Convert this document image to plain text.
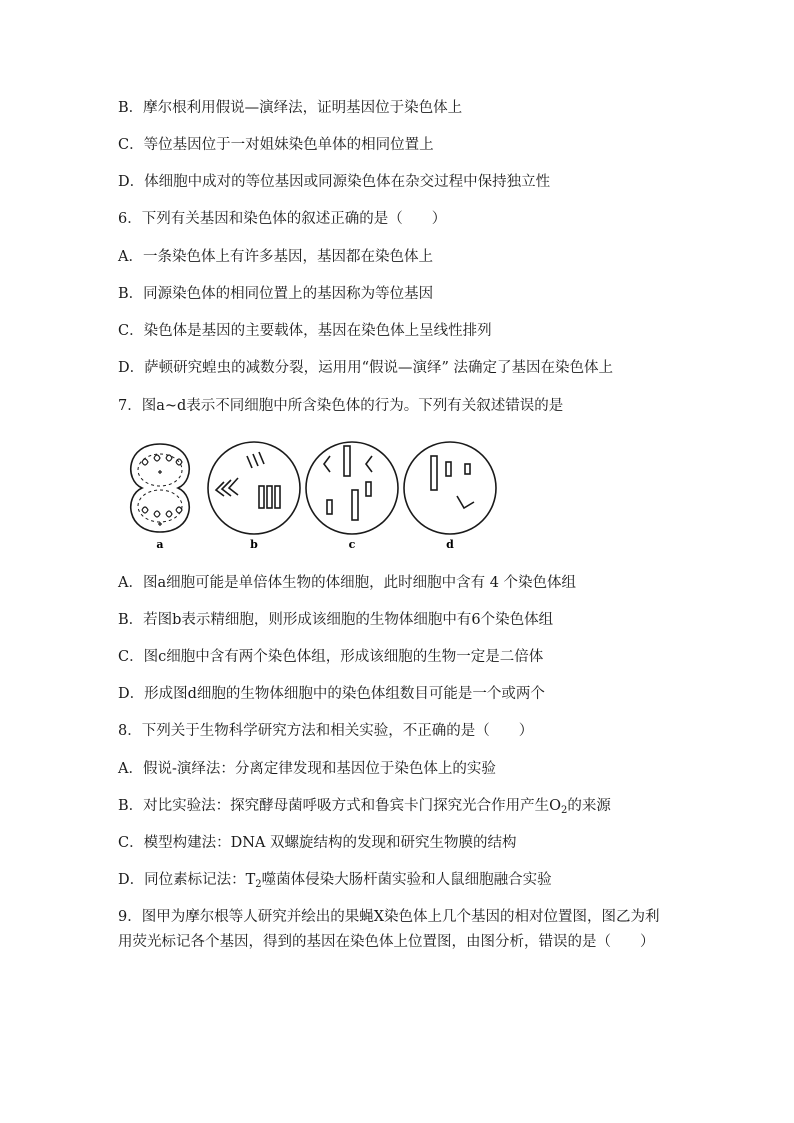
B．摩尔根利用假说—演绎法，证明基因位于染色体上

C．等位基因位于一对姐妹染色单体的相同位置上

D．体细胞中成对的等位基因或同源染色体在杂交过程中保持独立性

6．下列有关基因和染色体的叙述正确的是（　　）

A．一条染色体上有许多基因，基因都在染色体上

B．同源染色体的相同位置上的基因称为等位基因

C．染色体是基因的主要载体，基因在染色体上呈线性排列

D．萨顿研究蝗虫的减数分裂，运用用“假说—演绎” 法确定了基因在染色体上

7．图a~d表示不同细胞中所含染色体的行为。下列有关叙述错误的是

a	b	c	d

A．图a细胞可能是单倍体生物的体细胞，此时细胞中含有 4 个染色体组

B．若图b表示精细胞，则形成该细胞的生物体细胞中有6个染色体组

C．图c细胞中含有两个染色体组，形成该细胞的生物一定是二倍体

D．形成图d细胞的生物体细胞中的染色体组数目可能是一个或两个

8．下列关于生物科学研究方法和相关实验，不正确的是（　　）

A．假说-演绎法：分离定律发现和基因位于染色体上的实验

B．对比实验法：探究酵母菌呼吸方式和鲁宾卡门探究光合作用产生$O_2$的来源

C．模型构建法：DNA 双螺旋结构的发现和研究生物膜的结构

D．同位素标记法：$T_2$噬菌体侵染大肠杆菌实验和人鼠细胞融合实验

9．图甲为摩尔根等人研究并绘出的果蝇X染色体上几个基因的相对位置图，图乙为利

用荧光标记各个基因，得到的基因在染色体上位置图，由图分析，错误的是（　　）
